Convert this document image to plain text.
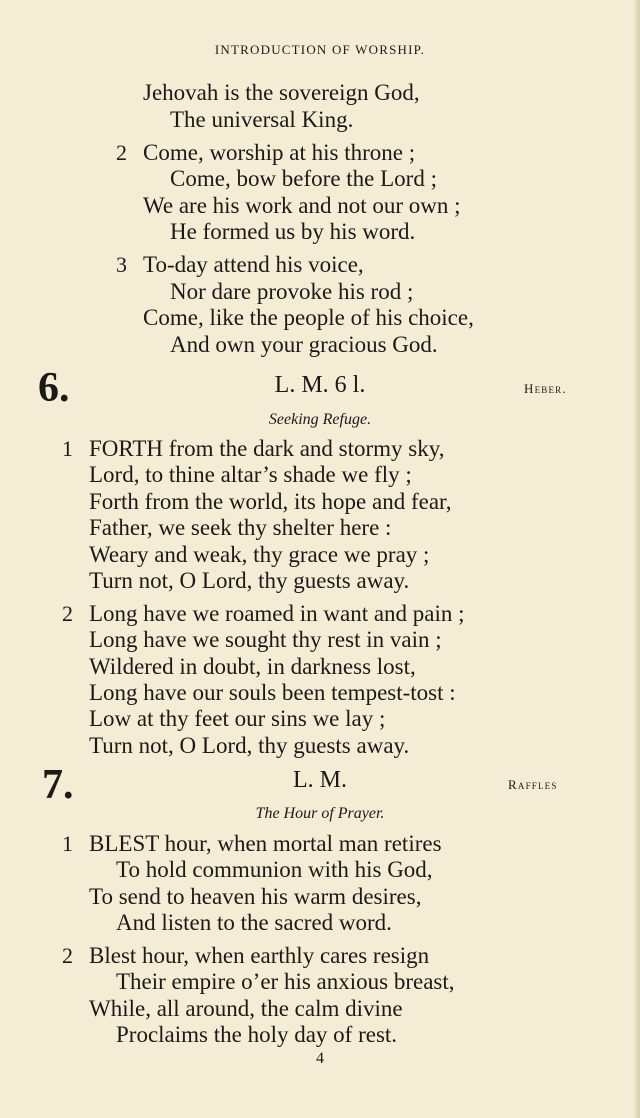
INTRODUCTION OF WORSHIP.
Jehovah is the sovereign God,
The universal King.
2 Come, worship at his throne ;
Come, bow before the Lord ;
We are his work and not our own ;
He formed us by his word.
3 To-day attend his voice,
Nor dare provoke his rod ;
Come, like the people of his choice,
And own your gracious God.
6.	L. M. 6 l.	Heber.
Seeking Refuge.
1 FORTH from the dark and stormy sky,
Lord, to thine altar’s shade we fly ;
Forth from the world, its hope and fear,
Father, we seek thy shelter here :
Weary and weak, thy grace we pray ;
Turn not, O Lord, thy guests away.
2 Long have we roamed in want and pain ;
Long have we sought thy rest in vain ;
Wildered in doubt, in darkness lost,
Long have our souls been tempest-tost :
Low at thy feet our sins we lay ;
Turn not, O Lord, thy guests away.
7.	L. M.	Raffles
The Hour of Prayer.
1 BLEST hour, when mortal man retires
To hold communion with his God,
To send to heaven his warm desires,
And listen to the sacred word.
2 Blest hour, when earthly cares resign
Their empire o’er his anxious breast,
While, all around, the calm divine
Proclaims the holy day of rest.
4
